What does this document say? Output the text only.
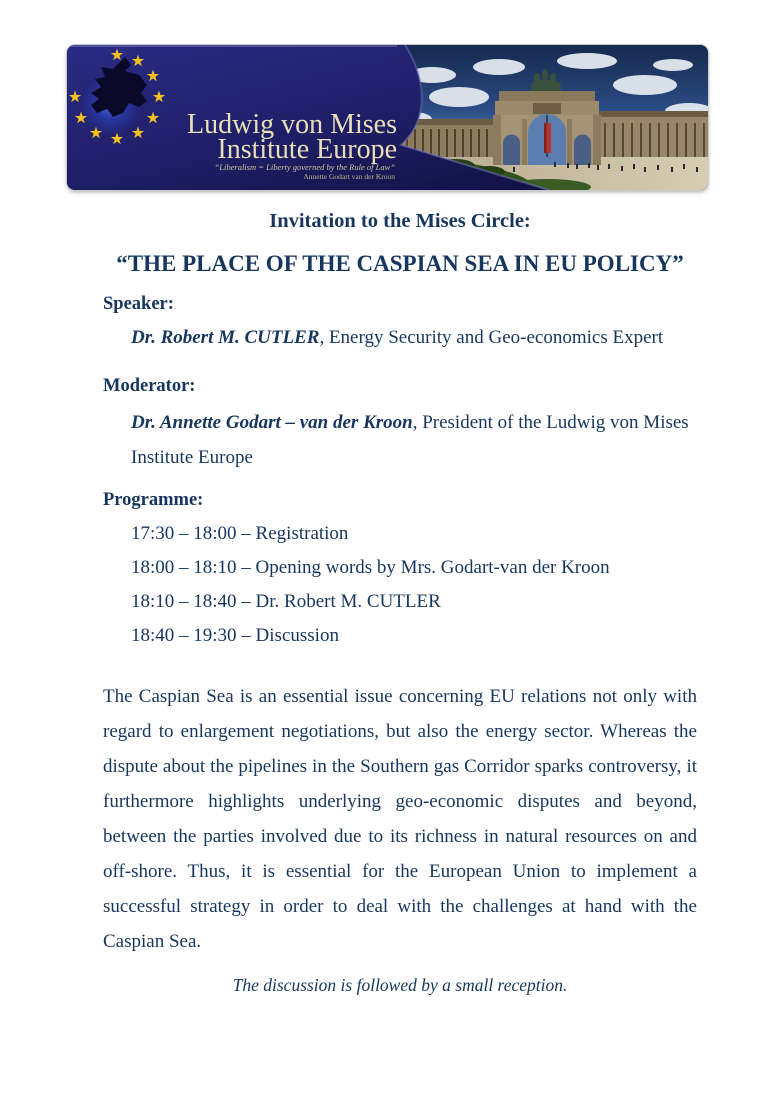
Ludwig von Mises
Institute Europe
“Liberalism = Liberty governed by the Rule of Law”
Annette Godart van der Kroon

Invitation to the Mises Circle:

“THE PLACE OF THE CASPIAN SEA IN EU POLICY”

Speaker:

Dr. Robert M. CUTLER, Energy Security and Geo-economics Expert

Moderator:

Dr. Annette Godart – van der Kroon, President of the Ludwig von Mises Institute Europe

Programme:

17:30 – 18:00 – Registration

18:00 – 18:10 – Opening words by Mrs. Godart-van der Kroon

18:10 – 18:40 – Dr. Robert M. CUTLER

18:40 – 19:30 – Discussion

The Caspian Sea is an essential issue concerning EU relations not only with regard to enlargement negotiations, but also the energy sector. Whereas the dispute about the pipelines in the Southern gas Corridor sparks controversy, it furthermore highlights underlying geo-economic disputes and beyond, between the parties involved due to its richness in natural resources on and off-shore. Thus, it is essential for the European Union to implement a successful strategy in order to deal with the challenges at hand with the Caspian Sea.

The discussion is followed by a small reception.
